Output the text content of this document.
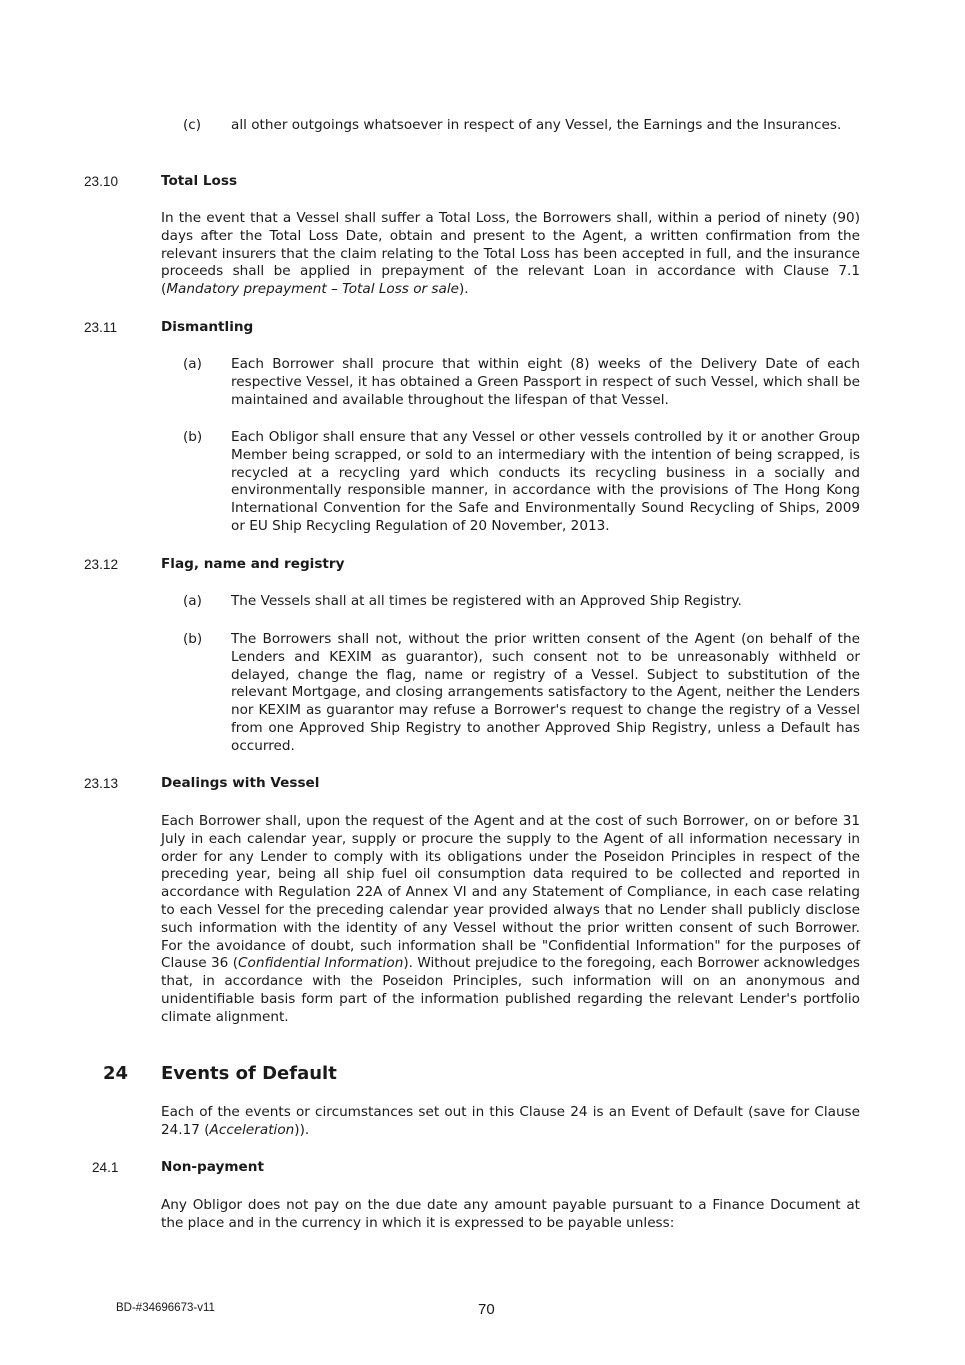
(c) all other outgoings whatsoever in respect of any Vessel, the Earnings and the Insurances.

23.10	Total Loss

In the event that a Vessel shall suffer a Total Loss, the Borrowers shall, within a period of ninety (90) days after the Total Loss Date, obtain and present to the Agent, a written confirmation from the relevant insurers that the claim relating to the Total Loss has been accepted in full, and the insurance proceeds shall be applied in prepayment of the relevant Loan in accordance with Clause 7.1 (Mandatory prepayment – Total Loss or sale).

23.11	Dismantling
(a) Each Borrower shall procure that within eight (8) weeks of the Delivery Date of each respective Vessel, it has obtained a Green Passport in respect of such Vessel, which shall be maintained and available throughout the lifespan of that Vessel.

(b) Each Obligor shall ensure that any Vessel or other vessels controlled by it or another Group Member being scrapped, or sold to an intermediary with the intention of being scrapped, is recycled at a recycling yard which conducts its recycling business in a socially and environmentally responsible manner, in accordance with the provisions of The Hong Kong International Convention for the Safe and Environmentally Sound Recycling of Ships, 2009 or EU Ship Recycling Regulation of 20 November, 2013.

23.12	Flag, name and registry
(a) The Vessels shall at all times be registered with an Approved Ship Registry.

(b) The Borrowers shall not, without the prior written consent of the Agent (on behalf of the Lenders and KEXIM as guarantor), such consent not to be unreasonably withheld or delayed, change the flag, name or registry of a Vessel. Subject to substitution of the relevant Mortgage, and closing arrangements satisfactory to the Agent, neither the Lenders nor KEXIM as guarantor may refuse a Borrower's request to change the registry of a Vessel from one Approved Ship Registry to another Approved Ship Registry, unless a Default has occurred.

23.13	Dealings with Vessel

Each Borrower shall, upon the request of the Agent and at the cost of such Borrower, on or before 31 July in each calendar year, supply or procure the supply to the Agent of all information necessary in order for any Lender to comply with its obligations under the Poseidon Principles in respect of the preceding year, being all ship fuel oil consumption data required to be collected and reported in accordance with Regulation 22A of Annex VI and any Statement of Compliance, in each case relating to each Vessel for the preceding calendar year provided always that no Lender shall publicly disclose such information with the identity of any Vessel without the prior written consent of such Borrower. For the avoidance of doubt, such information shall be "Confidential Information" for the purposes of Clause 36 (Confidential Information). Without prejudice to the foregoing, each Borrower acknowledges that, in accordance with the Poseidon Principles, such information will on an anonymous and unidentifiable basis form part of the information published regarding the relevant Lender's portfolio climate alignment.

24 Events of Default

Each of the events or circumstances set out in this Clause 24 is an Event of Default (save for Clause 24.17 (Acceleration)).

24.1	Non-payment

Any Obligor does not pay on the due date any amount payable pursuant to a Finance Document at the place and in the currency in which it is expressed to be payable unless:

BD-#34696673-v11	70
